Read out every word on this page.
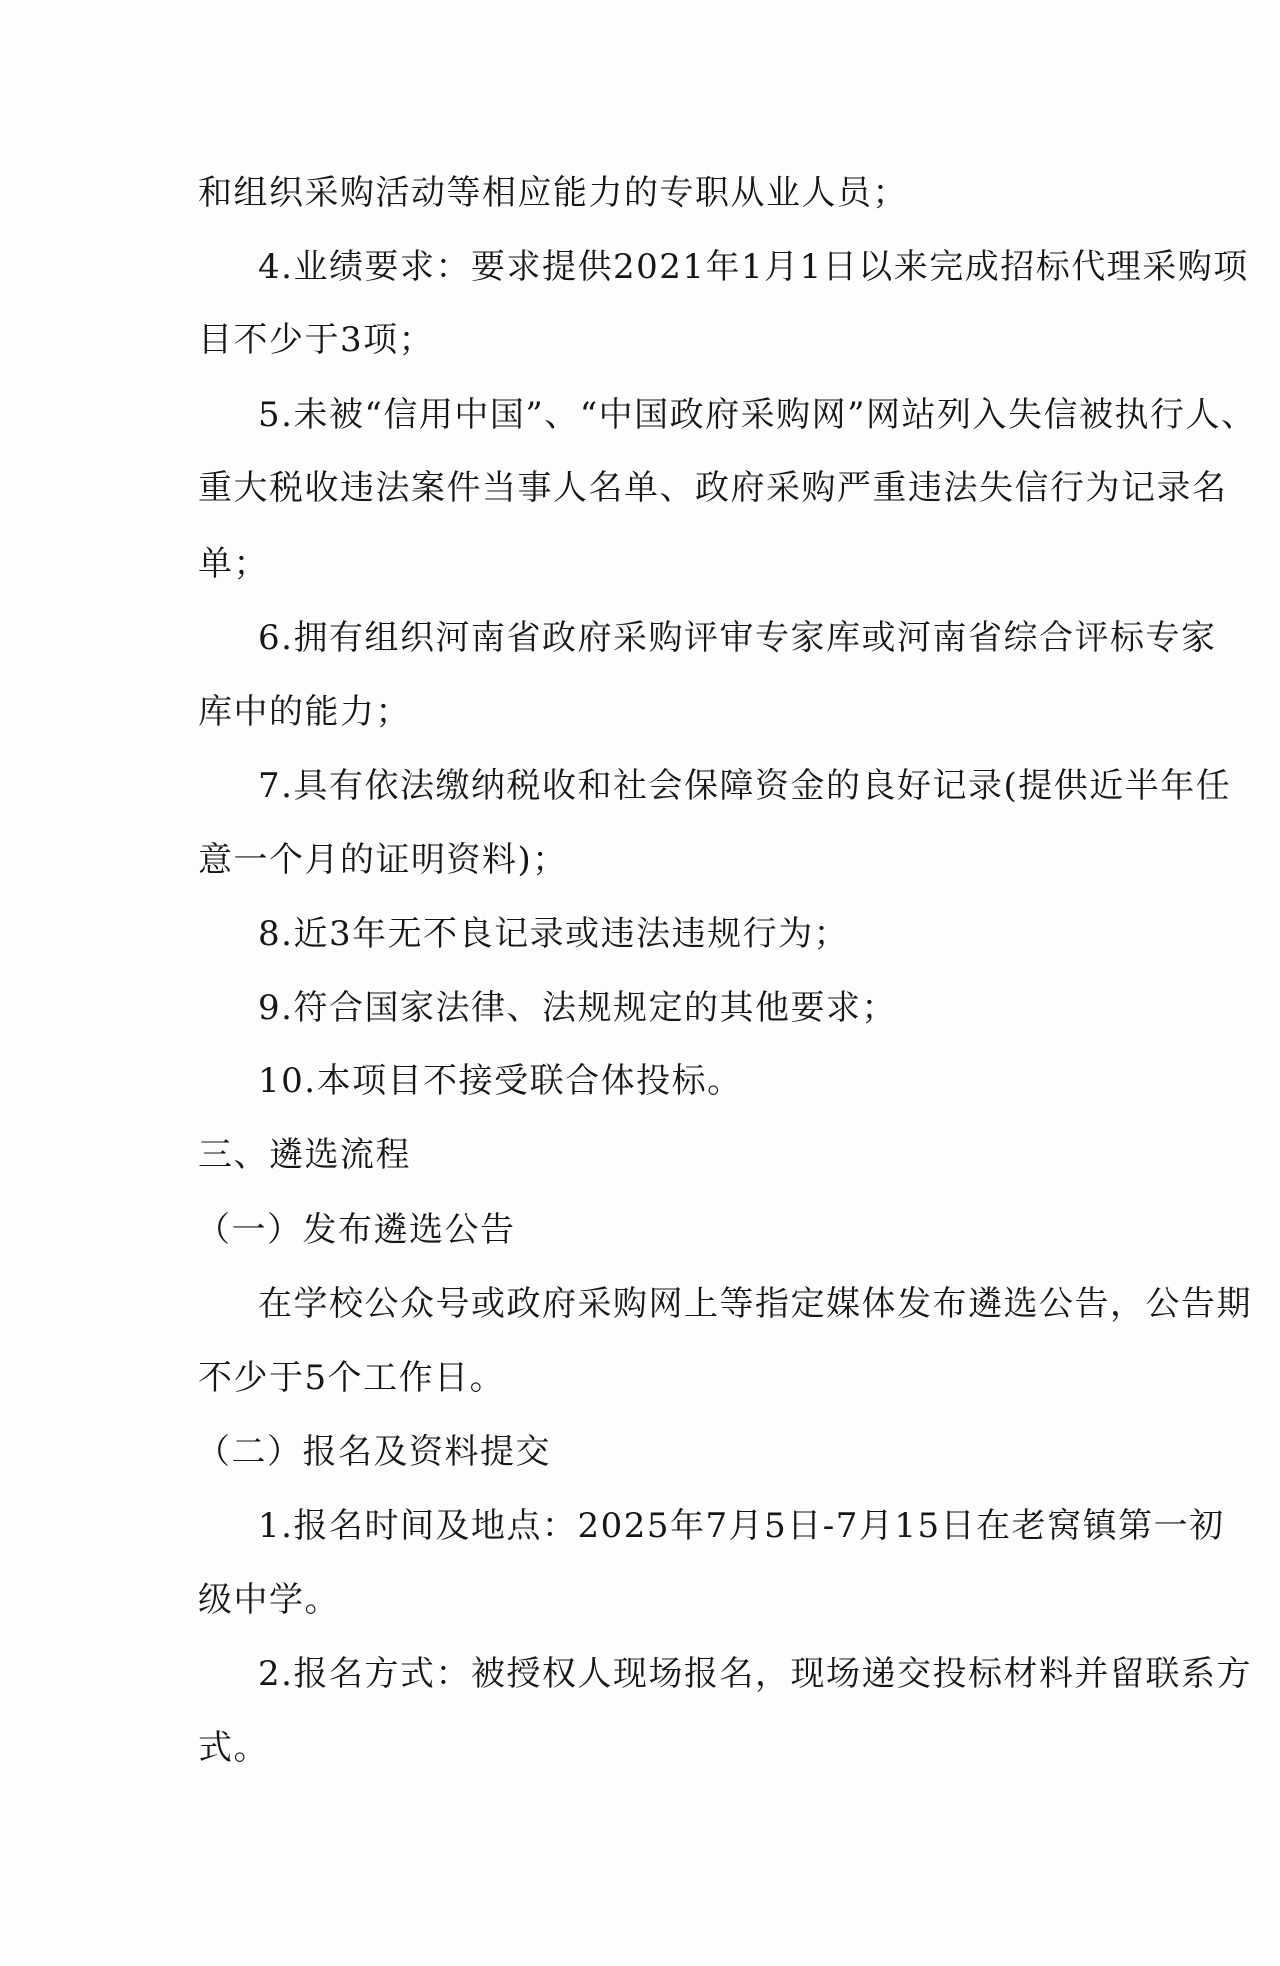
和组织采购活动等相应能力的专职从业人员；
4.业绩要求：要求提供2021年1月1日以来完成招标代理采购项
目不少于3项；
5.未被“信用中国”、“中国政府采购网”网站列入失信被执行人、
重大税收违法案件当事人名单、政府采购严重违法失信行为记录名
单；
6.拥有组织河南省政府采购评审专家库或河南省综合评标专家
库中的能力；
7.具有依法缴纳税收和社会保障资金的良好记录(提供近半年任
意一个月的证明资料)；
8.近3年无不良记录或违法违规行为；
9.符合国家法律、法规规定的其他要求；
10.本项目不接受联合体投标。
三、遴选流程
（一）发布遴选公告
在学校公众号或政府采购网上等指定媒体发布遴选公告，公告期
不少于5个工作日。
（二）报名及资料提交
1.报名时间及地点：2025年7月5日-7月15日在老窝镇第一初
级中学。
2.报名方式：被授权人现场报名，现场递交投标材料并留联系方
式。
